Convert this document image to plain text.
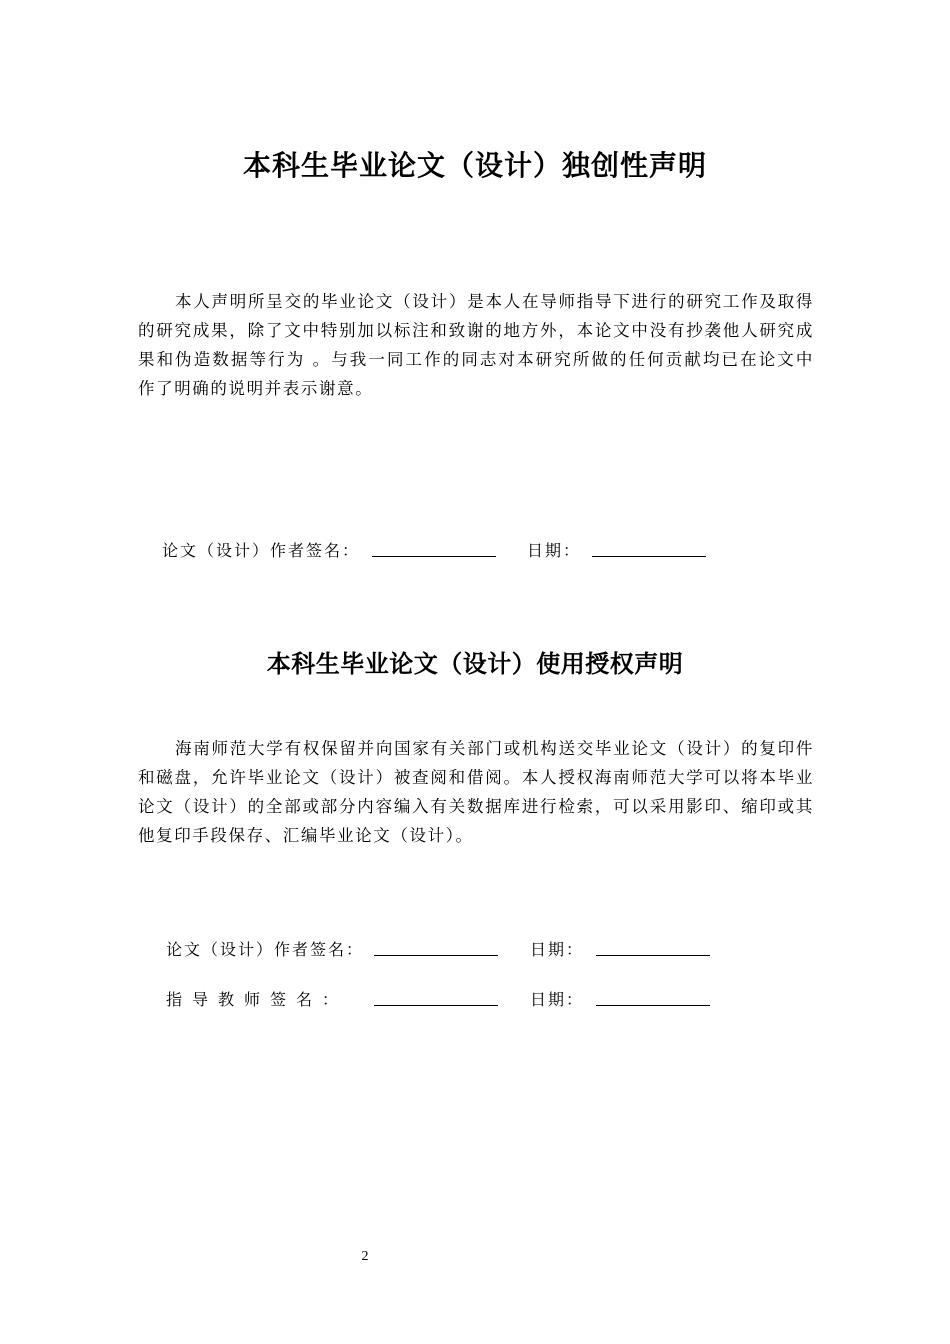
本科生毕业论文（设计）独创性声明

本人声明所呈交的毕业论文（设计）是本人在导师指导下进行的研究工作及取得的研究成果，除了文中特别加以标注和致谢的地方外，本论文中没有抄袭他人研究成果和伪造数据等行为 。与我一同工作的同志对本研究所做的任何贡献均已在论文中作了明确的说明并表示谢意。

论文（设计）作者签名：	日期：
本科生毕业论文（设计）使用授权声明

海南师范大学有权保留并向国家有关部门或机构送交毕业论文（设计）的复印件和磁盘，允许毕业论文（设计）被查阅和借阅。本人授权海南师范大学可以将本毕业论文（设计）的全部或部分内容编入有关数据库进行检索，可以采用影印、缩印或其他复印手段保存、汇编毕业论文（设计）。

论文（设计）作者签名：	日期：
指导教师签名：	日期：
2
